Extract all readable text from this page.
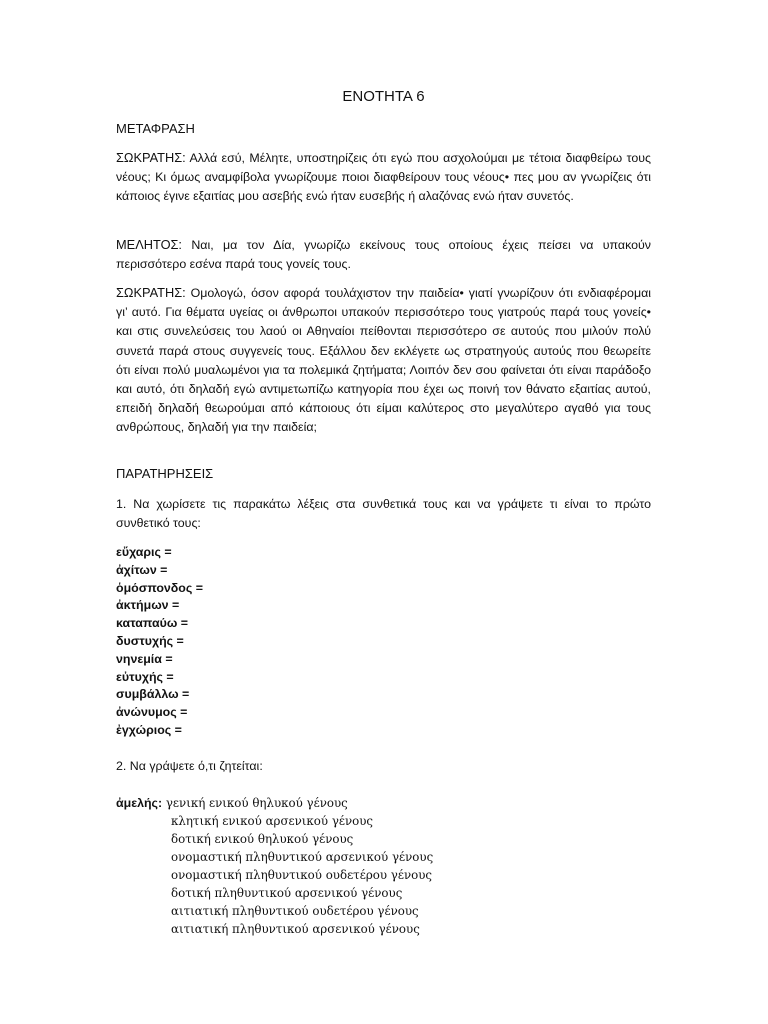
ΕΝΟΤΗΤΑ 6
ΜΕΤΑΦΡΑΣΗ
ΣΩΚΡΑΤΗΣ: Αλλά εσύ, Μέλητε, υποστηρίζεις ότι εγώ που ασχολούμαι με τέτοια διαφθείρω τους νέους; Κι όμως αναμφίβολα γνωρίζουμε ποιοι διαφθείρουν τους νέους• πες μου αν γνωρίζεις ότι κάποιος έγινε εξαιτίας μου ασεβής ενώ ήταν ευσεβής ή αλαζόνας ενώ ήταν συνετός.
ΜΕΛΗΤΟΣ: Ναι, μα τον Δία, γνωρίζω εκείνους τους οποίους έχεις πείσει να υπακούν περισσότερο εσένα παρά τους γονείς τους.
ΣΩΚΡΑΤΗΣ: Ομολογώ, όσον αφορά τουλάχιστον την παιδεία• γιατί γνωρίζουν ότι ενδιαφέρομαι γι’ αυτό. Για θέματα υγείας οι άνθρωποι υπακούν περισσότερο τους γιατρούς παρά τους γονείς• και στις συνελεύσεις του λαού οι Αθηναίοι πείθονται περισσότερο σε αυτούς που μιλούν πολύ συνετά παρά στους συγγενείς τους. Εξάλλου δεν εκλέγετε ως στρατηγούς αυτούς που θεωρείτε ότι είναι πολύ μυαλωμένοι για τα πολεμικά ζητήματα; Λοιπόν δεν σου φαίνεται ότι είναι παράδοξο και αυτό, ότι δηλαδή εγώ αντιμετωπίζω κατηγορία που έχει ως ποινή τον θάνατο εξαιτίας αυτού, επειδή δηλαδή θεωρούμαι από κάποιους ότι είμαι καλύτερος στο μεγαλύτερο αγαθό για τους ανθρώπους, δηλαδή για την παιδεία;
ΠΑΡΑΤΗΡΗΣΕΙΣ
1. Να χωρίσετε τις παρακάτω λέξεις στα συνθετικά τους και να γράψετε τι είναι το πρώτο συνθετικό τους:
εὔχαρις =
ἀχίτων =
ὁμόσπονδος =
ἀκτήμων =
καταπαύω =
δυστυχής =
νηνεμία =
εὐτυχής =
συμβάλλω =
ἀνώνυμος =
ἐγχώριος =
2. Να γράψετε ό,τι ζητείται:
ἀμελής: γενική ενικού θηλυκού γένους
κλητική ενικού αρσενικού γένους
δοτική ενικού θηλυκού γένους
ονομαστική πληθυντικού αρσενικού γένους
ονομαστική πληθυντικού ουδετέρου γένους
δοτική πληθυντικού αρσενικού γένους
αιτιατική πληθυντικού ουδετέρου γένους
αιτιατική πληθυντικού αρσενικού γένους
